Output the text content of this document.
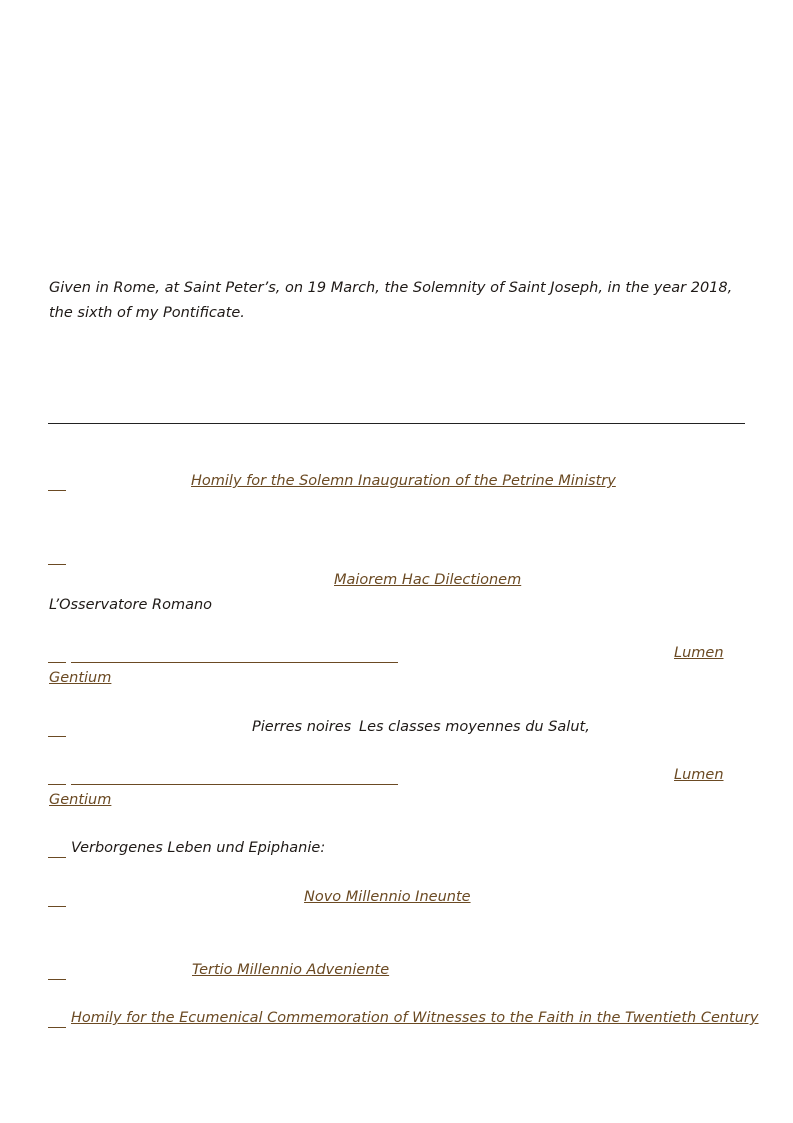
Given in Rome, at Saint Peter’s, on 19 March, the Solemnity of Saint Joseph, in the year 2018, the sixth of my Pontificate.
Homily for the Solemn Inauguration of the Petrine Ministry
Maiorem Hac Dilectionem
L’Osservatore Romano
Lumen
Gentium
Pierres noires Les classes moyennes du Salut,
Lumen
Gentium
Verborgenes Leben und Epiphanie:
Novo Millennio Ineunte
Tertio Millennio Adveniente
Homily for the Ecumenical Commemoration of Witnesses to the Faith in the Twentieth Century
